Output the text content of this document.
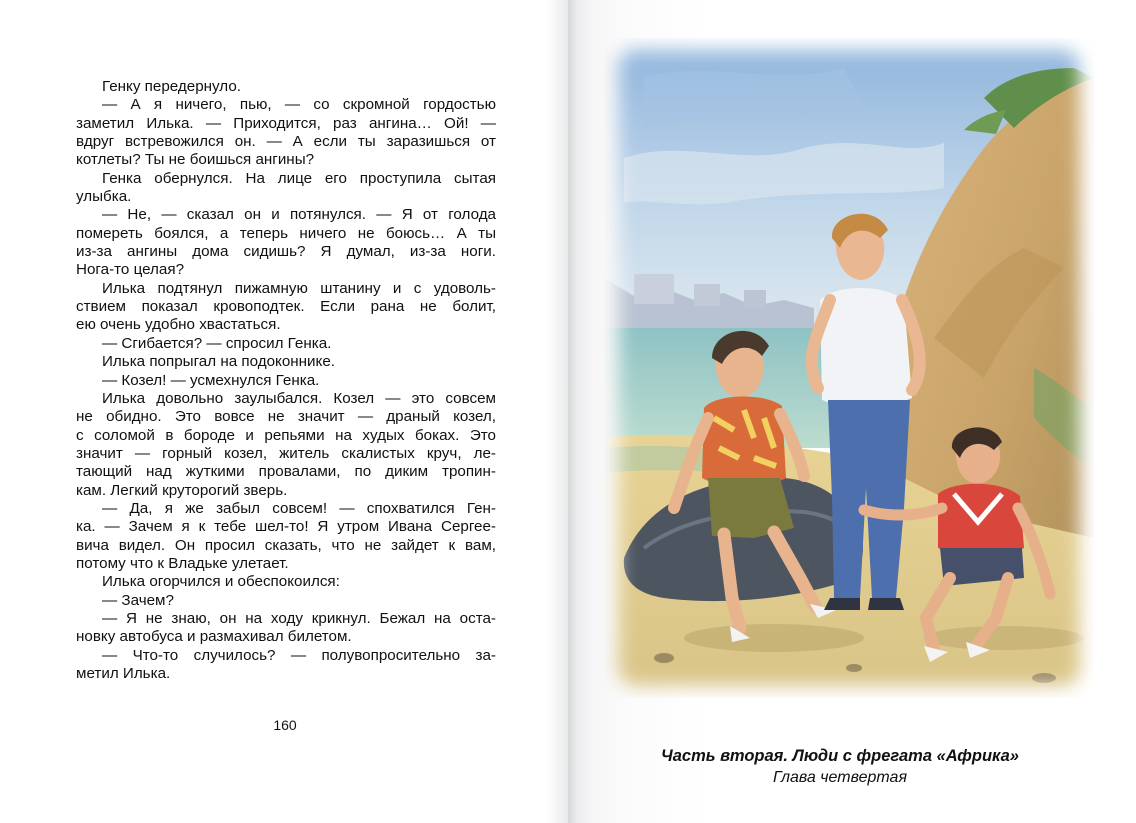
Генку передернуло.
— А я ничего, пью, — со скромной гордостью
заметил Илька. — Приходится, раз ангина… Ой! —
вдруг встревожился он. — А если ты заразишься от
котлеты? Ты не боишься ангины?
Генка обернулся. На лице его проступила сытая
улыбка.
— Не, — сказал он и потянулся. — Я от голода
помереть боялся, а теперь ничего не боюсь… А ты
из-за ангины дома сидишь? Я думал, из-за ноги.
Нога-то целая?
Илька подтянул пижамную штанину и с удоволь-
ствием показал кровоподтек. Если рана не болит,
ею очень удобно хвастаться.
— Сгибается? — спросил Генка.
Илька попрыгал на подоконнике.
— Козел! — усмехнулся Генка.
Илька довольно заулыбался. Козел — это совсем
не обидно. Это вовсе не значит — драный козел,
с соломой в бороде и репьями на худых боках. Это
значит — горный козел, житель скалистых круч, ле-
тающий над жуткими провалами, по диким тропин-
кам. Легкий круторогий зверь.
— Да, я же забыл совсем! — спохватился Ген-
ка. — Зачем я к тебе шел-то! Я утром Ивана Сергее-
вича видел. Он просил сказать, что не зайдет к вам,
потому что к Владьке улетает.
Илька огорчился и обеспокоился:
— Зачем?
— Я не знаю, он на ходу крикнул. Бежал на оста-
новку автобуса и размахивал билетом.
— Что-то случилось? — полувопросительно за-
метил Илька.
160
Часть вторая. Люди с фрегата «Африка»
Глава четвертая
